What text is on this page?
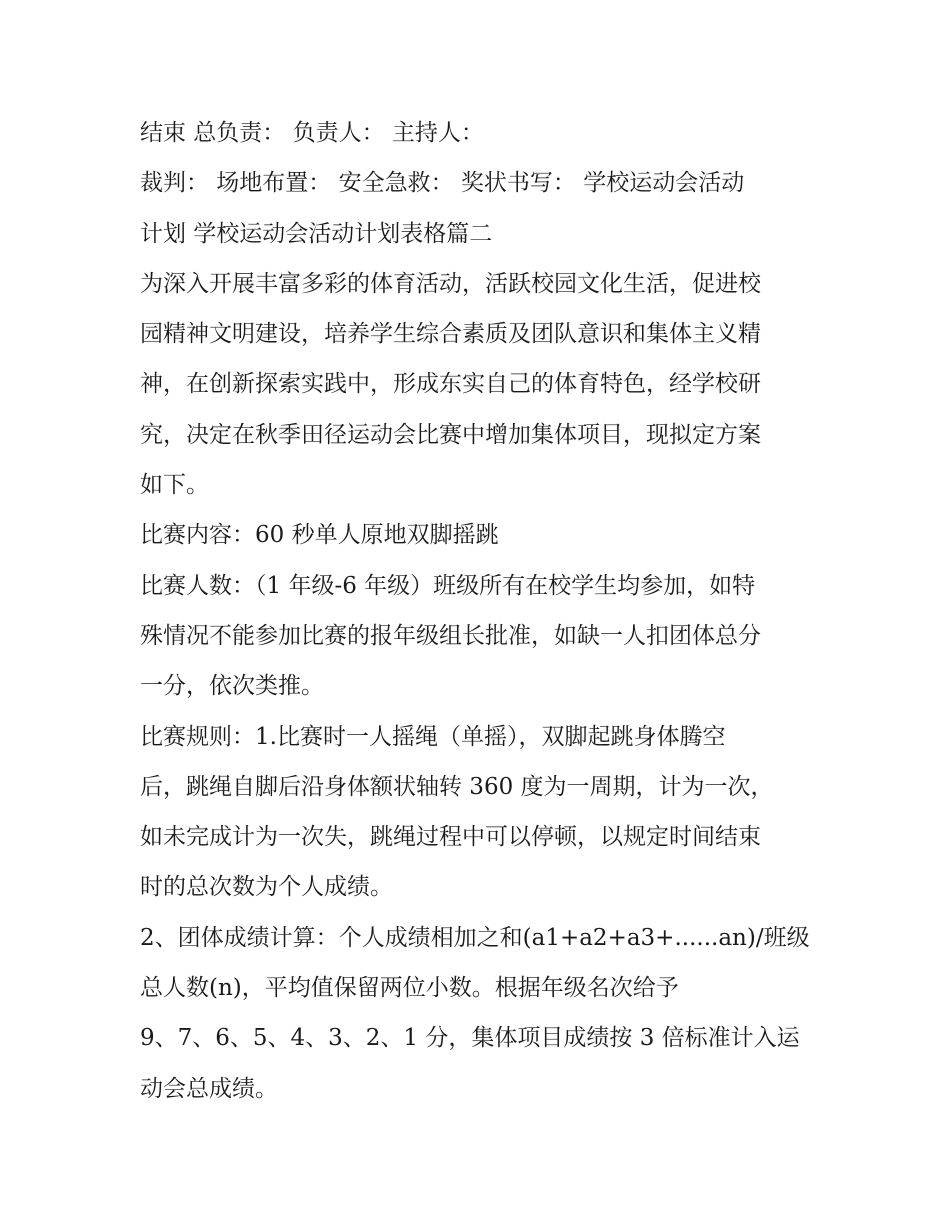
结束 总负责： 负责人： 主持人：
裁判： 场地布置： 安全急救： 奖状书写： 学校运动会活动
计划 学校运动会活动计划表格篇二
为深入开展丰富多彩的体育活动，活跃校园文化生活，促进校
园精神文明建设，培养学生综合素质及团队意识和集体主义精
神，在创新探索实践中，形成东实自己的体育特色，经学校研
究，决定在秋季田径运动会比赛中增加集体项目，现拟定方案
如下。
比赛内容：60 秒单人原地双脚摇跳
比赛人数：（1 年级-6 年级）班级所有在校学生均参加，如特
殊情况不能参加比赛的报年级组长批准，如缺一人扣团体总分
一分，依次类推。
比赛规则：1.比赛时一人摇绳（单摇），双脚起跳身体腾空
后，跳绳自脚后沿身体额状轴转 360 度为一周期，计为一次，
如未完成计为一次失，跳绳过程中可以停顿，以规定时间结束
时的总次数为个人成绩。
2、团体成绩计算：个人成绩相加之和(a1+a2+a3+......an)/班级
总人数(n)，平均值保留两位小数。根据年级名次给予
9、7、6、5、4、3、2、1 分，集体项目成绩按 3 倍标准计入运
动会总成绩。
